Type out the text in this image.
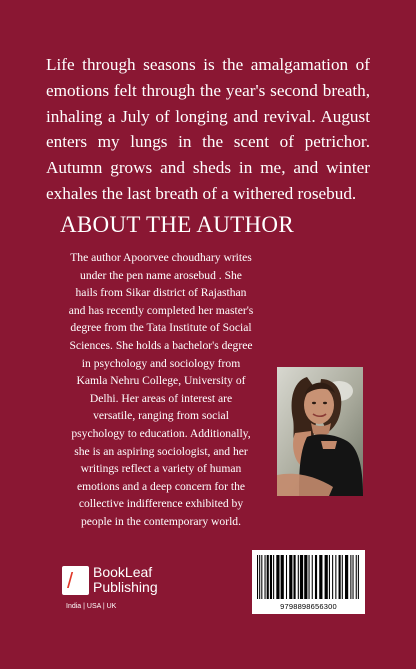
Life through seasons is the amalgamation of emotions felt through the year's second breath, inhaling a July of longing and revival. August enters my lungs in the scent of petrichor. Autumn grows and sheds in me, and winter exhales the last breath of a withered rosebud.

ABOUT THE AUTHOR

The author Apoorvee choudhary writes
under the pen name arosebud . She
hails from Sikar district of Rajasthan
and has recently completed her master's
degree from the Tata Institute of Social
Sciences. She holds a bachelor's degree
in psychology and sociology from
Kamla Nehru College, University of
Delhi. Her areas of interest are
versatile, ranging from social
psychology to education. Additionally,
she is an aspiring sociologist, and her
writings reflect a variety of human
emotions and a deep concern for the
collective indifference exhibited by
people in the contemporary world.

/ BookLeaf
Publishing
India | USA | UK	9798898656300
